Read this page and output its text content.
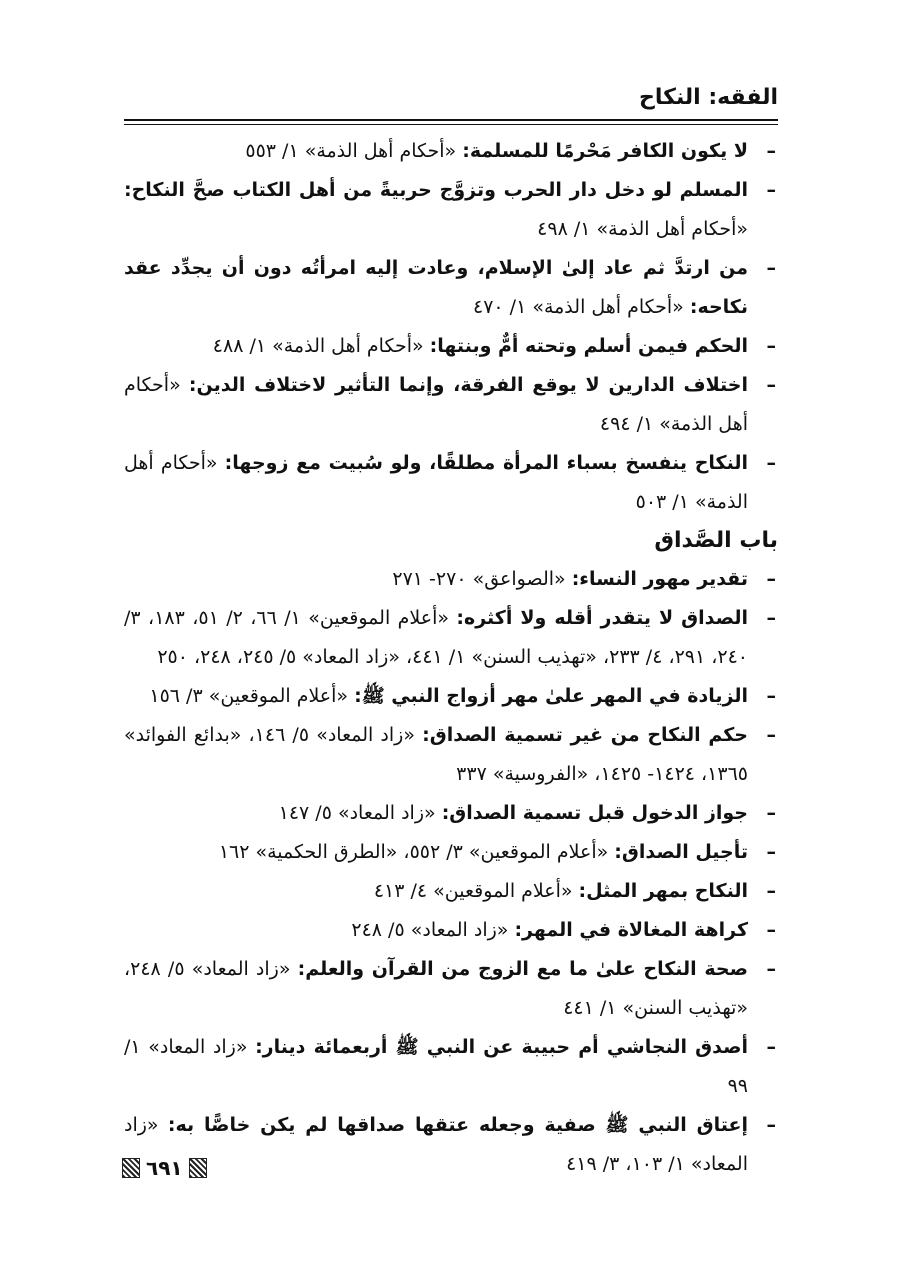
الفقه: النكاح
–
لا يكون الكافر مَحْرمًا للمسلمة: «أحكام أهل الذمة» ١/ ٥٥٣
–
المسلم لو دخل دار الحرب وتزوَّج حربيةً من أهل الكتاب صحَّ النكاح: «أحكام أهل الذمة» ١/ ٤٩٨
–
من ارتدَّ ثم عاد إلىٰ الإسلام، وعادت إليه امرأتُه دون أن يجدِّد عقد نكاحه: «أحكام أهل الذمة» ١/ ٤٧٠
–
الحكم فيمن أسلم وتحته أمٌّ وبنتها: «أحكام أهل الذمة» ١/ ٤٨٨
–
اختلاف الدارين لا يوقع الفرقة، وإنما التأثير لاختلاف الدين: «أحكام أهل الذمة» ١/ ٤٩٤
–
النكاح ينفسخ بسباء المرأة مطلقًا، ولو سُبيت مع زوجها: «أحكام أهل الذمة» ١/ ٥٠٣
باب الصَّداق
–
تقدير مهور النساء: «الصواعق» ٢٧٠- ٢٧١
–
الصداق لا يتقدر أقله ولا أكثره: «أعلام الموقعين» ١/ ٦٦، ٢/ ٥١، ١٨٣، ٣/ ٢٤٠، ٢٩١، ٤/ ٢٣٣، «تهذيب السنن» ١/ ٤٤١، «زاد المعاد» ٥/ ٢٤٥، ٢٤٨، ٢٥٠
–
الزيادة في المهر علىٰ مهر أزواج النبي ﷺ: «أعلام الموقعين» ٣/ ١٥٦
–
حكم النكاح من غير تسمية الصداق: «زاد المعاد» ٥/ ١٤٦، «بدائع الفوائد» ١٣٦٥، ١٤٢٤- ١٤٢٥، «الفروسية» ٣٣٧
–
جواز الدخول قبل تسمية الصداق: «زاد المعاد» ٥/ ١٤٧
–
تأجيل الصداق: «أعلام الموقعين» ٣/ ٥٥٢، «الطرق الحكمية» ١٦٢
–
النكاح بمهر المثل: «أعلام الموقعين» ٤/ ٤١٣
–
كراهة المغالاة في المهر: «زاد المعاد» ٥/ ٢٤٨
–
صحة النكاح علىٰ ما مع الزوج من القرآن والعلم: «زاد المعاد» ٥/ ٢٤٨، «تهذيب السنن» ١/ ٤٤١
–
أصدق النجاشي أم حبيبة عن النبي ﷺ أربعمائة دينار: «زاد المعاد» ١/ ٩٩
–
إعتاق النبي ﷺ صفية وجعله عتقها صداقها لم يكن خاصًّا به: «زاد المعاد» ١/ ١٠٣، ٣/ ٤١٩
٦٩١
